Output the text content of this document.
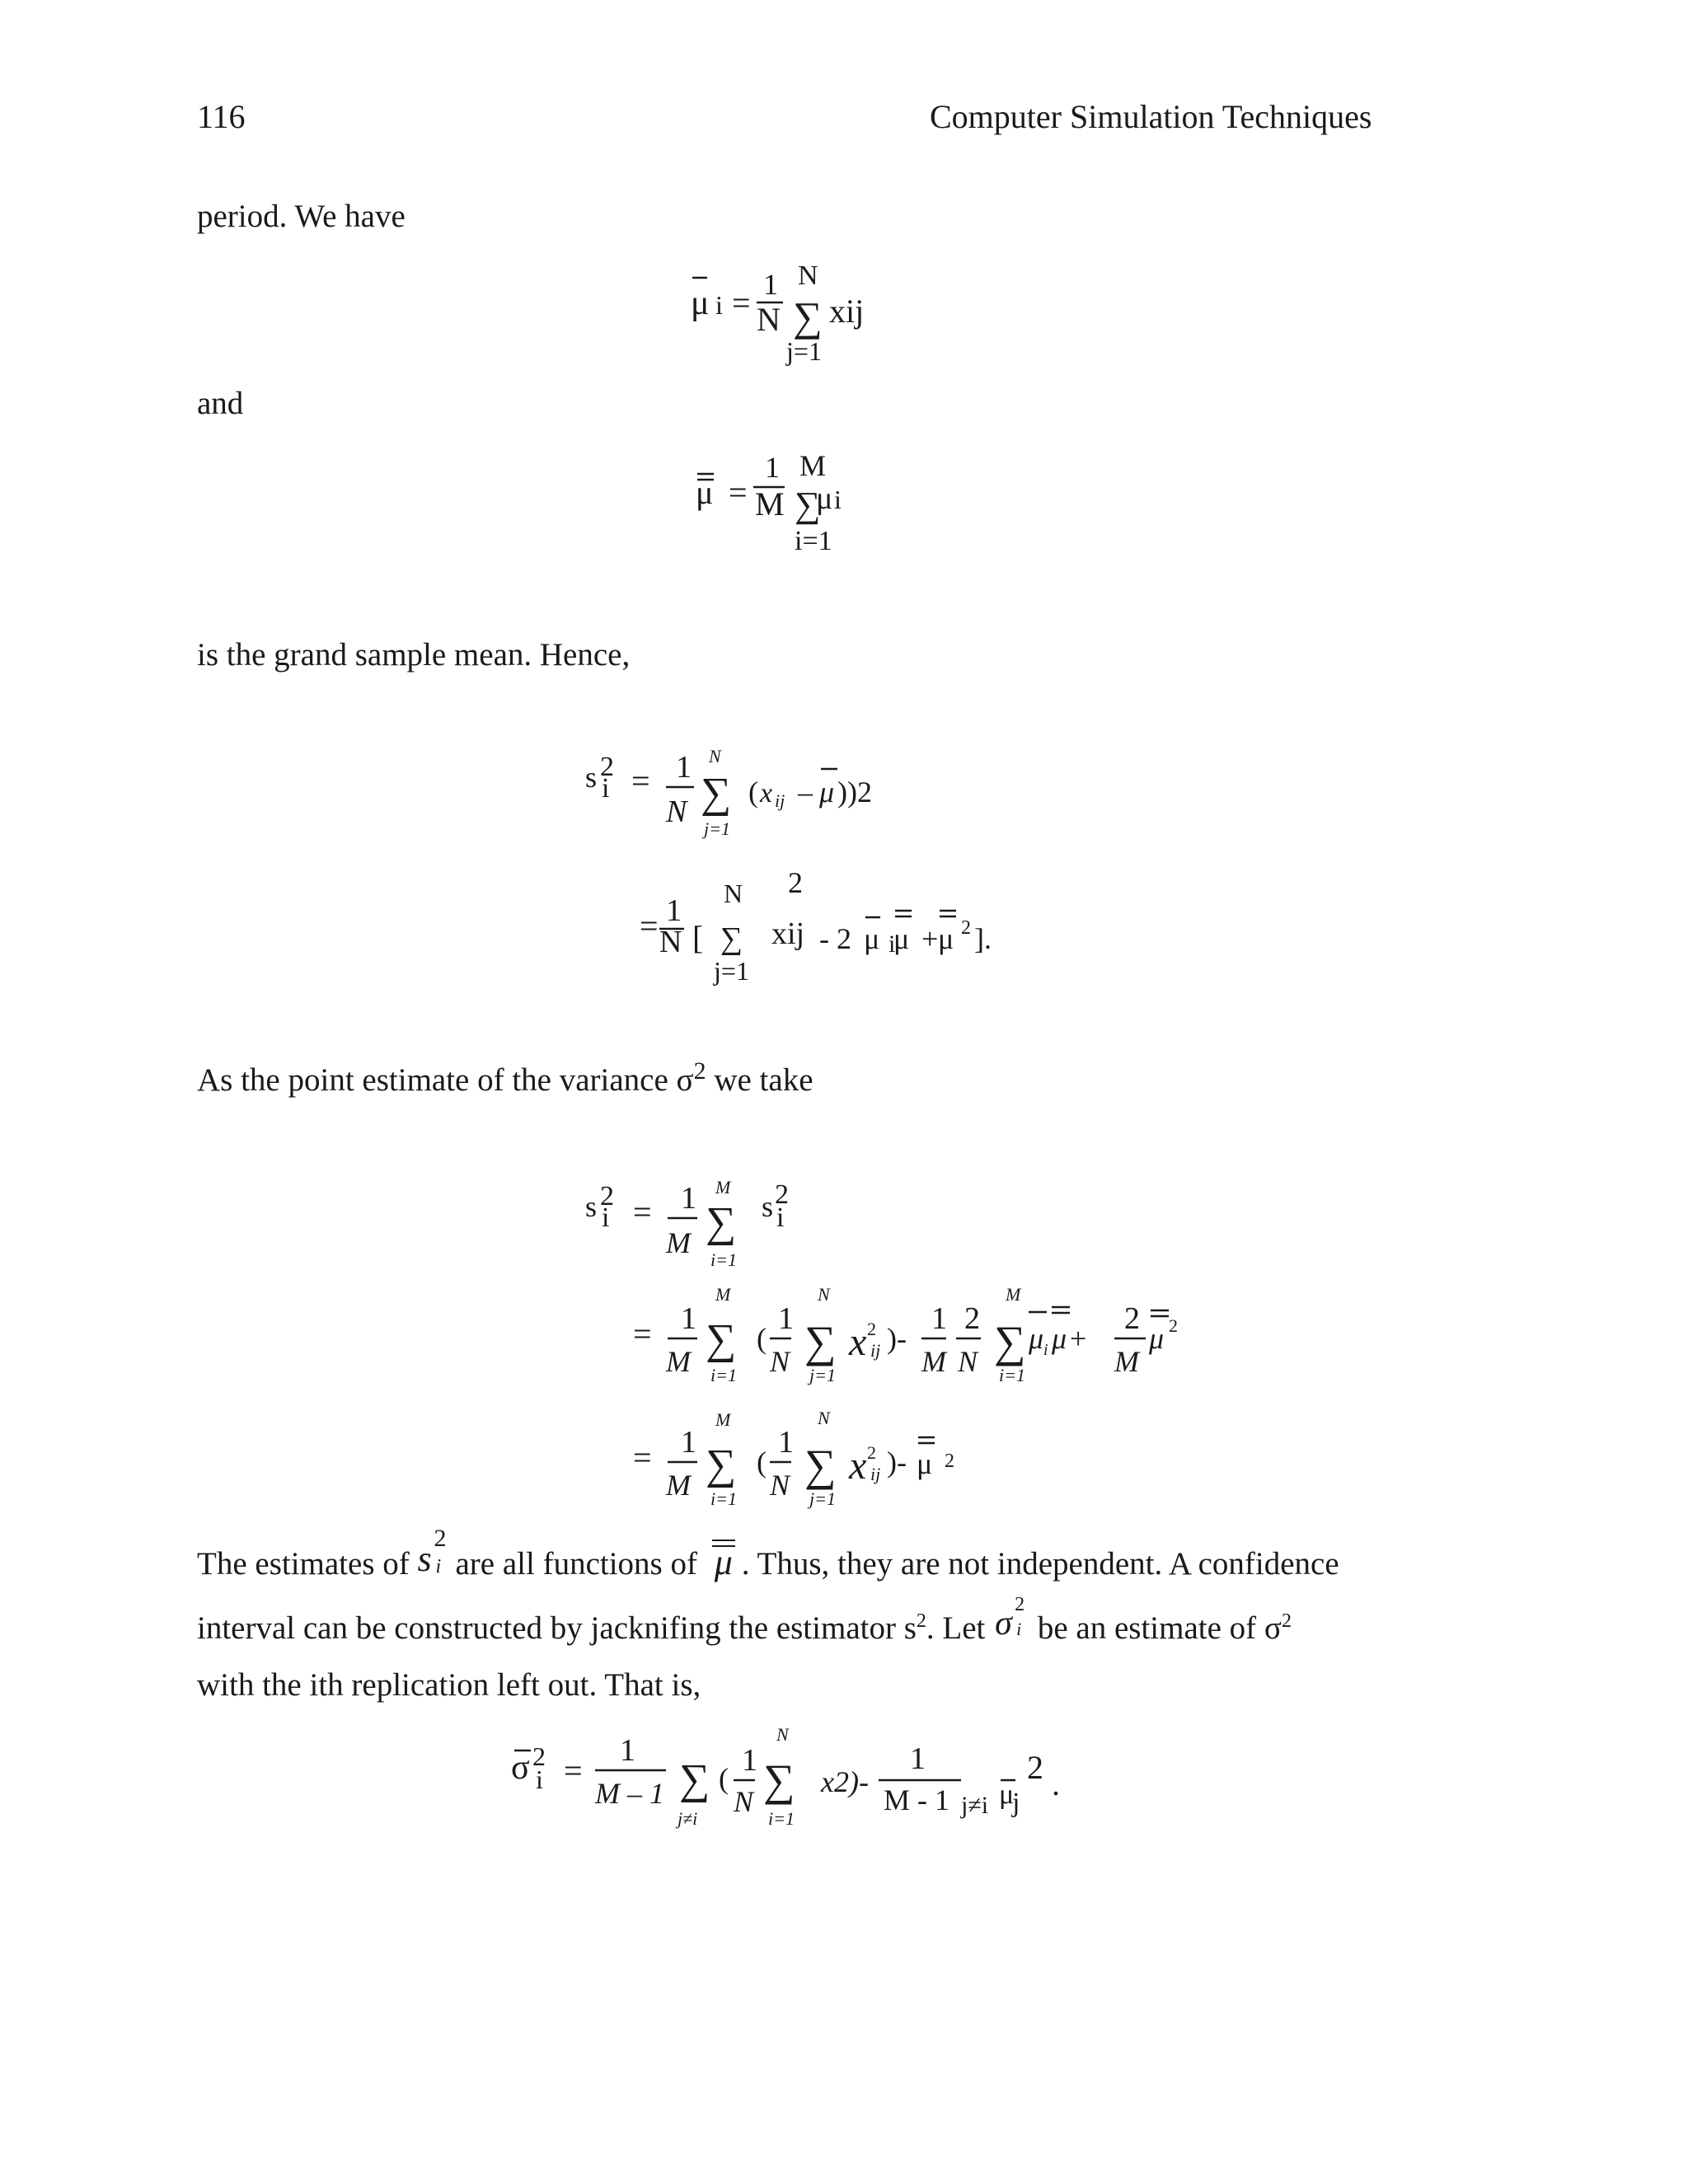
116	Computer Simulation Techniques
period. We have
μ i = 1
N
N
∑
j=1
xij
and
μ =
1
M
M
∑
μ i
i=1
is the grand sample mean. Hence,
s 2
i = 1
N
N
∑
j=1
( x ij – μ ))2
= 1
N [
N
∑
j=1
2
xij - 2 μ i
μ + μ 2 ].
As the point estimate of the variance $\sigma^2$ we take
s 2
i = 1
M
M
∑
i=1
s 2
i
= 1
M
M
∑
i=1
(
1
N
N
∑
j=1
x 2
ij )-
1
M
2
N
M
∑
i=1
μ i μ +
2
M
μ 2
= 1
M
M
∑
i=1
(
1
N
N
∑
j=1
x 2
ij )- μ 2
The estimates of s
2
i are all functions of
μ . Thus, they are not independent. A confidence
interval can be constructed by jacknifing the estimator $s^2$. Let σ 2
i be an estimate of $\sigma^2$
with the ith replication left out. That is,
σ 2
i =
1
M – 1 ∑
j≠i
(
1
N
N
∑
i=1
x2)-
1
M - 1 j≠i μ
j
2 .
